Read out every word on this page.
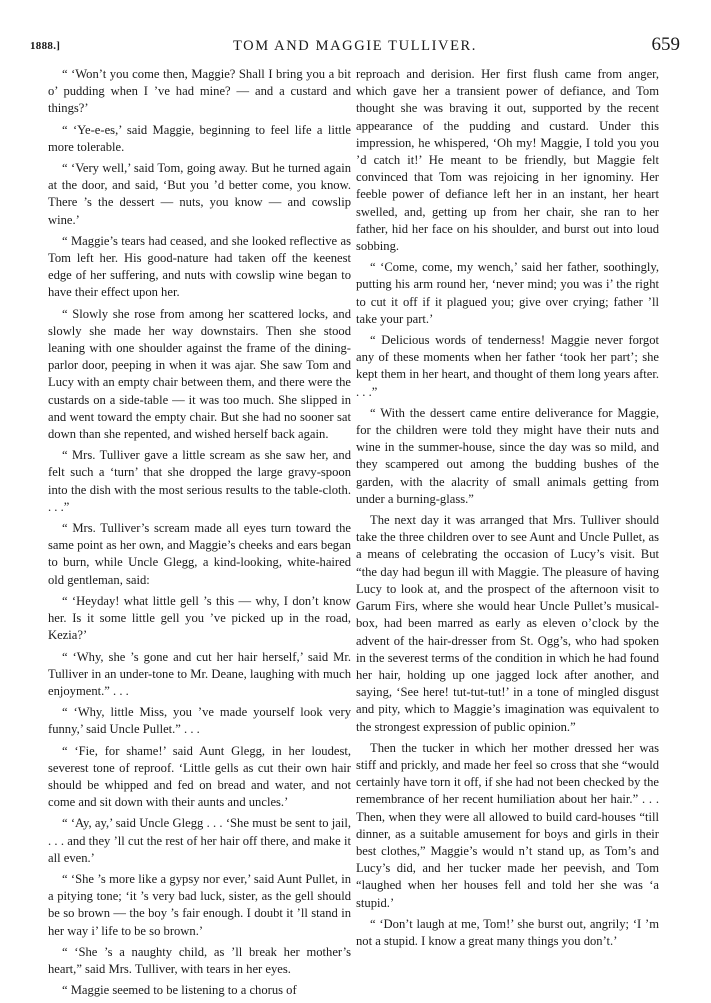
1888.]	TOM AND MAGGIE TULLIVER.	659

“ ‘Won’t you come then, Maggie? Shall I bring you a bit o’ pudding when I ’ve had mine? — and a custard and things?’

“ ‘Ye-e-es,’ said Maggie, beginning to feel life a little more tolerable.

“ ‘Very well,’ said Tom, going away. But he turned again at the door, and said, ‘But you ’d better come, you know. There ’s the dessert — nuts, you know — and cowslip wine.’

“ Maggie’s tears had ceased, and she looked reflective as Tom left her. His good-nature had taken off the keenest edge of her suffering, and nuts with cowslip wine began to have their effect upon her.

“ Slowly she rose from among her scattered locks, and slowly she made her way downstairs. Then she stood leaning with one shoulder against the frame of the dining-parlor door, peeping in when it was ajar. She saw Tom and Lucy with an empty chair between them, and there were the custards on a side-table — it was too much. She slipped in and went toward the empty chair. But she had no sooner sat down than she repented, and wished herself back again.

“ Mrs. Tulliver gave a little scream as she saw her, and felt such a ‘turn’ that she dropped the large gravy-spoon into the dish with the most serious results to the table-cloth. . . .”

“ Mrs. Tulliver’s scream made all eyes turn toward the same point as her own, and Maggie’s cheeks and ears began to burn, while Uncle Glegg, a kind-looking, white-haired old gentleman, said:

“ ‘Heyday! what little gell ’s this — why, I don’t know her. Is it some little gell you ’ve picked up in the road, Kezia?’

“ ‘Why, she ’s gone and cut her hair herself,’ said Mr. Tulliver in an under-tone to Mr. Deane, laughing with much enjoyment.” . . .

“ ‘Why, little Miss, you ’ve made yourself look very funny,’ said Uncle Pullet.” . . .

“ ‘Fie, for shame!’ said Aunt Glegg, in her loudest, severest tone of reproof. ‘Little gells as cut their own hair should be whipped and fed on bread and water, and not come and sit down with their aunts and uncles.’

“ ‘Ay, ay,’ said Uncle Glegg . . . ‘She must be sent to jail, . . . and they ’ll cut the rest of her hair off there, and make it all even.’

“ ‘She ’s more like a gypsy nor ever,’ said Aunt Pullet, in a pitying tone; ‘it ’s very bad luck, sister, as the gell should be so brown — the boy ’s fair enough. I doubt it ’ll stand in her way i’ life to be so brown.’

“ ‘She ’s a naughty child, as ’ll break her mother’s heart,” said Mrs. Tulliver, with tears in her eyes.

“ Maggie seemed to be listening to a chorus of

reproach and derision. Her first flush came from anger, which gave her a transient power of defiance, and Tom thought she was braving it out, supported by the recent appearance of the pudding and custard. Under this impression, he whispered, ‘Oh my! Maggie, I told you you ’d catch it!’ He meant to be friendly, but Maggie felt convinced that Tom was rejoicing in her ignominy. Her feeble power of defiance left her in an instant, her heart swelled, and, getting up from her chair, she ran to her father, hid her face on his shoulder, and burst out into loud sobbing.

“ ‘Come, come, my wench,’ said her father, soothingly, putting his arm round her, ‘never mind; you was i’ the right to cut it off if it plagued you; give over crying; father ’ll take your part.’

“ Delicious words of tenderness! Maggie never forgot any of these moments when her father ‘took her part’; she kept them in her heart, and thought of them long years after. . . .”

“ With the dessert came entire deliverance for Maggie, for the children were told they might have their nuts and wine in the summer-house, since the day was so mild, and they scampered out among the budding bushes of the garden, with the alacrity of small animals getting from under a burning-glass.”

The next day it was arranged that Mrs. Tulliver should take the three children over to see Aunt and Uncle Pullet, as a means of celebrating the occasion of Lucy’s visit. But “the day had begun ill with Maggie. The pleasure of having Lucy to look at, and the prospect of the afternoon visit to Garum Firs, where she would hear Uncle Pullet’s musical-box, had been marred as early as eleven o’clock by the advent of the hair-dresser from St. Ogg’s, who had spoken in the severest terms of the condition in which he had found her hair, holding up one jagged lock after another, and saying, ‘See here! tut-tut-tut!’ in a tone of mingled disgust and pity, which to Maggie’s imagination was equivalent to the strongest expression of public opinion.”

Then the tucker in which her mother dressed her was stiff and prickly, and made her feel so cross that she “would certainly have torn it off, if she had not been checked by the remembrance of her recent humiliation about her hair.” . . . Then, when they were all allowed to build card-houses “till dinner, as a suitable amusement for boys and girls in their best clothes,” Maggie’s would n’t stand up, as Tom’s and Lucy’s did, and her tucker made her peevish, and Tom “laughed when her houses fell and told her she was ‘a stupid.’

“ ‘Don’t laugh at me, Tom!’ she burst out, angrily; ‘I ’m not a stupid. I know a great many things you don’t.’
